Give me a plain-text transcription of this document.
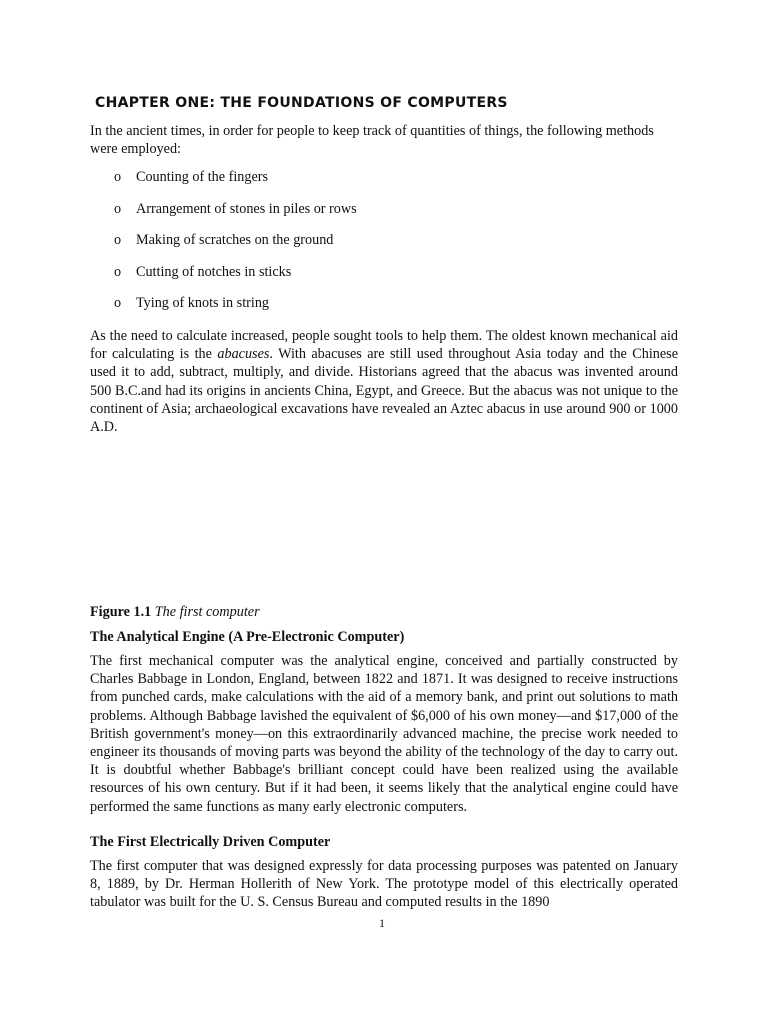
CHAPTER ONE: THE FOUNDATIONS OF COMPUTERS

In the ancient times, in order for people to keep track of quantities of things, the following methods were employed:

o	Counting of the fingers
o	Arrangement of stones in piles or rows
o	Making of scratches on the ground
o	Cutting of notches in sticks
o	Tying of knots in string

As the need to calculate increased, people sought tools to help them. The oldest known mechanical aid for calculating is the abacuses. With abacuses are still used throughout Asia today and the Chinese used it to add, subtract, multiply, and divide. Historians agreed that the abacus was invented around 500 B.C.and had its origins in ancients China, Egypt, and Greece. But the abacus was not unique to the continent of Asia; archaeological excavations have revealed an Aztec abacus in use around 900 or 1000 A.D.

Figure 1.1 The first computer

The Analytical Engine (A Pre-Electronic Computer)

The first mechanical computer was the analytical engine, conceived and partially constructed by Charles Babbage in London, England, between 1822 and 1871. It was designed to receive instructions from punched cards, make calculations with the aid of a memory bank, and print out solutions to math problems. Although Babbage lavished the equivalent of $6,000 of his own money—and $17,000 of the British government's money—on this extraordinarily advanced machine, the precise work needed to engineer its thousands of moving parts was beyond the ability of the technology of the day to carry out. It is doubtful whether Babbage's brilliant concept could have been realized using the available resources of his own century. But if it had been, it seems likely that the analytical engine could have performed the same functions as many early electronic computers.

The First Electrically Driven Computer

The first computer that was designed expressly for data processing purposes was patented on January 8, 1889, by Dr. Herman Hollerith of New York. The prototype model of this electrically operated tabulator was built for the U. S. Census Bureau and computed results in the 1890

1
